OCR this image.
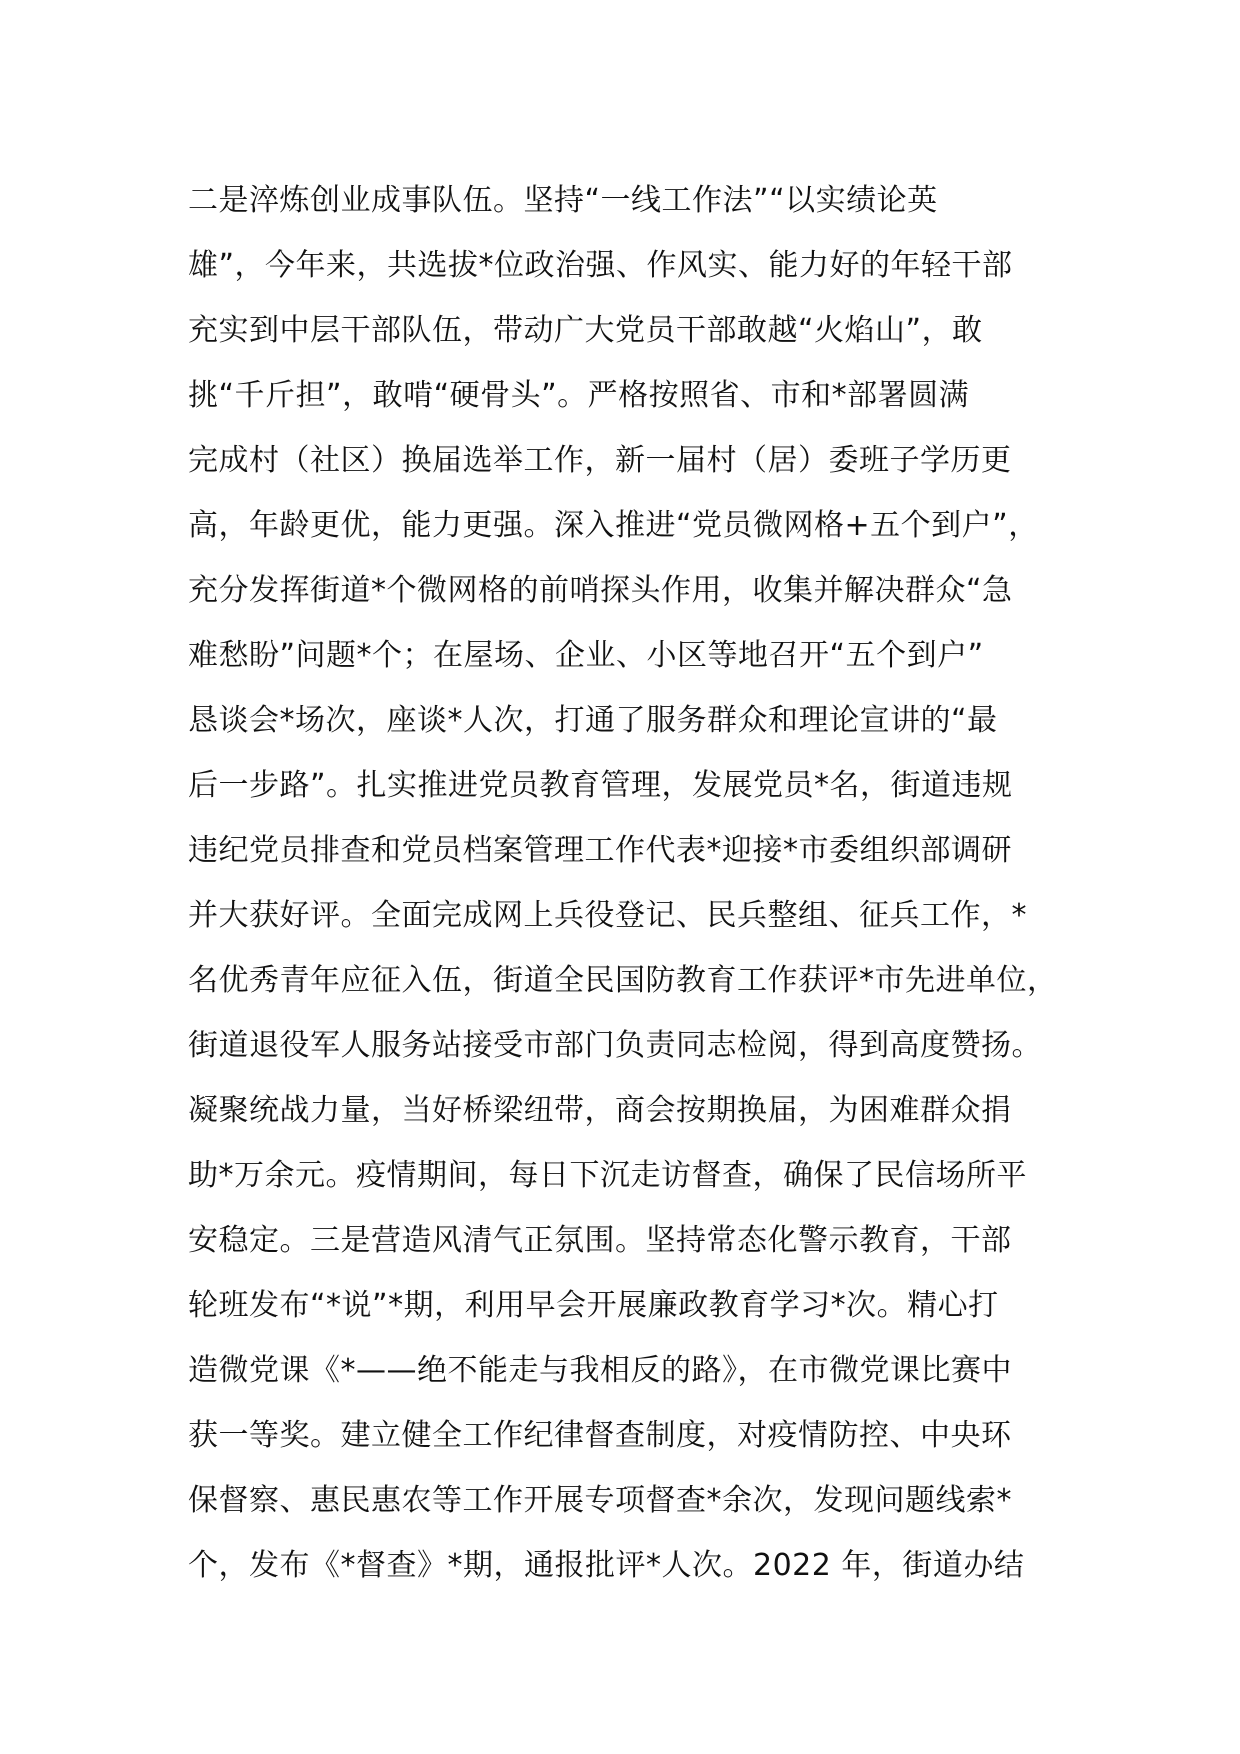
二是淬炼创业成事队伍。坚持“一线工作法”“以实绩论英
雄”，今年来，共选拔*位政治强、作风实、能力好的年轻干部
充实到中层干部队伍，带动广大党员干部敢越“火焰山”，敢
挑“千斤担”，敢啃“硬骨头”。严格按照省、市和*部署圆满
完成村（社区）换届选举工作，新一届村（居）委班子学历更
高，年龄更优，能力更强。深入推进“党员微网格+五个到户”，
充分发挥街道*个微网格的前哨探头作用，收集并解决群众“急
难愁盼”问题*个；在屋场、企业、小区等地召开“五个到户”
恳谈会*场次，座谈*人次，打通了服务群众和理论宣讲的“最
后一步路”。扎实推进党员教育管理，发展党员*名，街道违规
违纪党员排查和党员档案管理工作代表*迎接*市委组织部调研
并大获好评。全面完成网上兵役登记、民兵整组、征兵工作，*
名优秀青年应征入伍，街道全民国防教育工作获评*市先进单位，
街道退役军人服务站接受市部门负责同志检阅，得到高度赞扬。
凝聚统战力量，当好桥梁纽带，商会按期换届，为困难群众捐
助*万余元。疫情期间，每日下沉走访督查，确保了民信场所平
安稳定。三是营造风清气正氛围。坚持常态化警示教育，干部
轮班发布“*说”*期，利用早会开展廉政教育学习*次。精心打
造微党课《*——绝不能走与我相反的路》，在市微党课比赛中
获一等奖。建立健全工作纪律督查制度，对疫情防控、中央环
保督察、惠民惠农等工作开展专项督查*余次，发现问题线索*
个，发布《*督查》*期，通报批评*人次。2022 年，街道办结
